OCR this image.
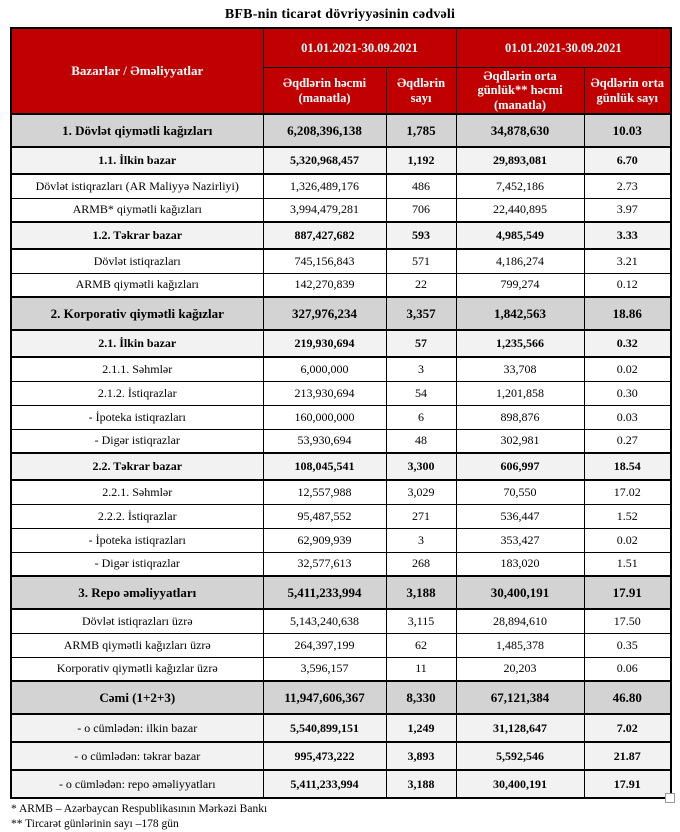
BFB-nin ticarət dövriyyəsinin cədvəli
Bazarlar / Əməliyyatlar	01.01.2021-30.09.2021		01.01.2021-30.09.2021	
	Əqdlərin həcmi (manatla)	Əqdlərin sayı	Əqdlərin orta günlük** həcmi (manatla)	Əqdlərin orta günlük sayı
1. Dövlət qiymətli kağızları	6,208,396,138	1,785	34,878,630	10.03
1.1. İlkin bazar	5,320,968,457	1,192	29,893,081	6.70
Dövlət istiqrazları (AR Maliyyə Nazirliyi)	1,326,489,176	486	7,452,186	2.73
ARMB* qiymətli kağızları	3,994,479,281	706	22,440,895	3.97
1.2. Təkrar bazar	887,427,682	593	4,985,549	3.33
Dövlət istiqrazları	745,156,843	571	4,186,274	3.21
ARMB qiymətli kağızları	142,270,839	22	799,274	0.12
2. Korporativ qiymətli kağızlar	327,976,234	3,357	1,842,563	18.86
2.1. İlkin bazar	219,930,694	57	1,235,566	0.32
2.1.1. Səhmlər	6,000,000	3	33,708	0.02
2.1.2. İstiqrazlar	213,930,694	54	1,201,858	0.30
- İpoteka istiqrazları	160,000,000	6	898,876	0.03
- Digər istiqrazlar	53,930,694	48	302,981	0.27
2.2. Təkrar bazar	108,045,541	3,300	606,997	18.54
2.2.1. Səhmlər	12,557,988	3,029	70,550	17.02
2.2.2. İstiqrazlar	95,487,552	271	536,447	1.52
- İpoteka istiqrazları	62,909,939	3	353,427	0.02
- Digər istiqrazlar	32,577,613	268	183,020	1.51
3. Repo əməliyyatları	5,411,233,994	3,188	30,400,191	17.91
Dövlət istiqrazları üzrə	5,143,240,638	3,115	28,894,610	17.50
ARMB qiymətli kağızları üzrə	264,397,199	62	1,485,378	0.35
Korporativ qiymətli kağızlar üzrə	3,596,157	11	20,203	0.06
Cəmi (1+2+3)	11,947,606,367	8,330	67,121,384	46.80
- o cümlədən: ilkin bazar	5,540,899,151	1,249	31,128,647	7.02
- o cümlədən: təkrar bazar	995,473,222	3,893	5,592,546	21.87
- o cümlədən: repo əməliyyatları	5,411,233,994	3,188	30,400,191	17.91
* ARMB – Azərbaycan Respublikasının Mərkəzi Bankı
** Tircarət günlərinin sayı –178 gün
